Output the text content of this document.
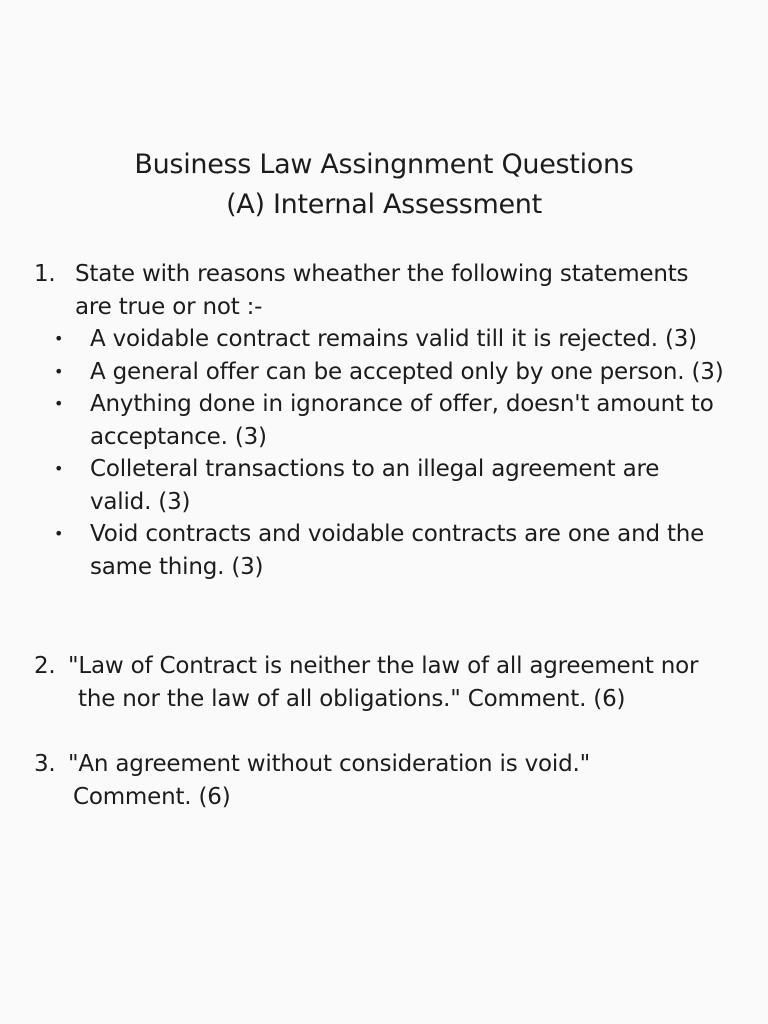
Business Law Assingnment Questions
(A) Internal Assessment
1. State with reasons wheather the following statements
are true or not :-
• A voidable contract remains valid till it is rejected. (3)
• A general offer can be accepted only by one person. (3)
• Anything done in ignorance of offer, doesn't amount to
acceptance. (3)
• Colleteral transactions to an illegal agreement are
valid. (3)
• Void contracts and voidable contracts are one and the
same thing. (3)
2. "Law of Contract is neither the law of all agreement nor
the nor the law of all obligations." Comment. (6)
3. "An agreement without consideration is void."
Comment. (6)
